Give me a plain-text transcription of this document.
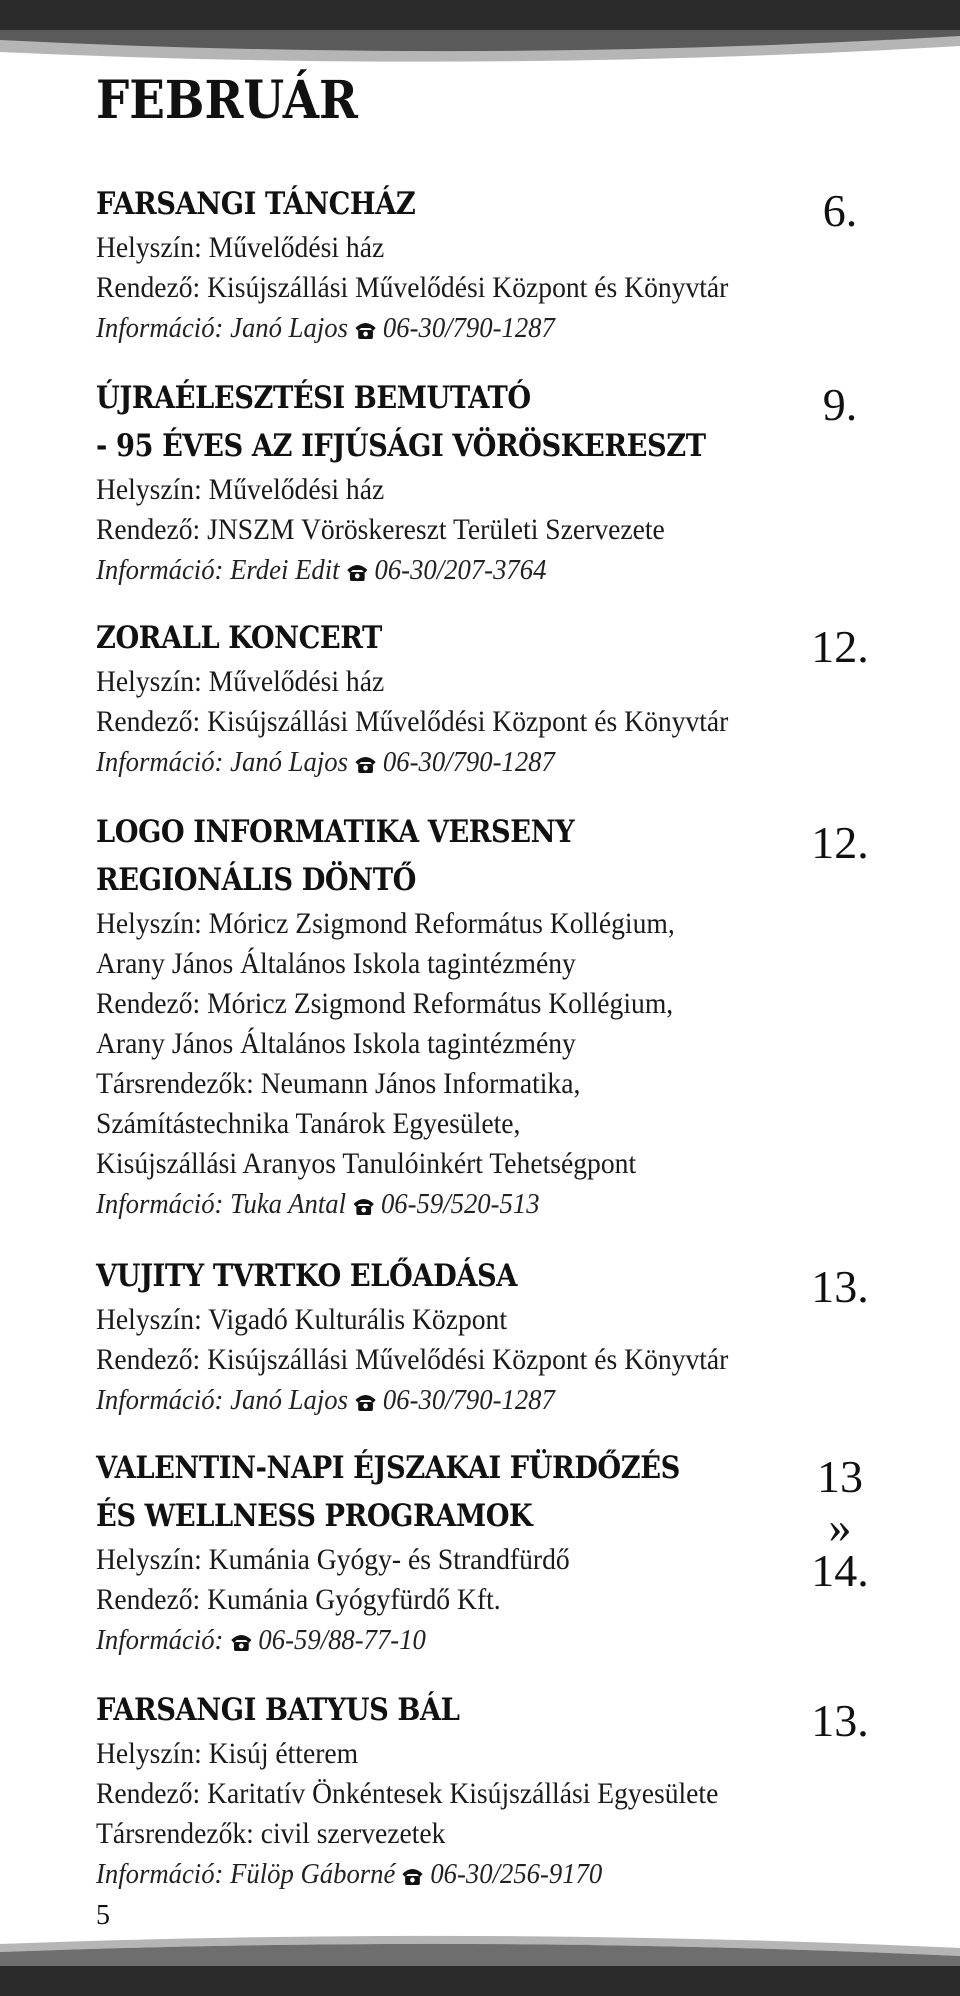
FEBRUÁR

FARSANGI TÁNCHÁZ

Helyszín: Művelődési ház

Rendező: Kisújszállási Művelődési Központ és Könyvtár

Információ: Janó Lajos 06-30/790-1287

6.

ÚJRAÉLESZTÉSI BEMUTATÓ

- 95 ÉVES AZ IFJÚSÁGI VÖRÖSKERESZT

Helyszín: Művelődési ház

Rendező: JNSZM Vöröskereszt Területi Szervezete

Információ: Erdei Edit 06-30/207-3764

9.

ZORALL KONCERT

Helyszín: Művelődési ház

Rendező: Kisújszállási Művelődési Központ és Könyvtár

Információ: Janó Lajos 06-30/790-1287

12.

LOGO INFORMATIKA VERSENY

REGIONÁLIS DÖNTŐ

Helyszín: Móricz Zsigmond Református Kollégium,

Arany János Általános Iskola tagintézmény

Rendező: Móricz Zsigmond Református Kollégium,

Arany János Általános Iskola tagintézmény

Társrendezők: Neumann János Informatika,

Számítástechnika Tanárok Egyesülete,

Kisújszállási Aranyos Tanulóinkért Tehetségpont

Információ: Tuka Antal 06-59/520-513

12.

VUJITY TVRTKO ELŐADÁSA

Helyszín: Vigadó Kulturális Központ

Rendező: Kisújszállási Művelődési Központ és Könyvtár

Információ: Janó Lajos 06-30/790-1287

13.

VALENTIN-NAPI ÉJSZAKAI FÜRDŐZÉS

ÉS WELLNESS PROGRAMOK

Helyszín: Kumánia Gyógy- és Strandfürdő

Rendező: Kumánia Gyógyfürdő Kft.

Információ: 06-59/88-77-10

13

»

14.

FARSANGI BATYUS BÁL

Helyszín: Kisúj étterem

Rendező: Karitatív Önkéntesek Kisújszállási Egyesülete

Társrendezők: civil szervezetek

Információ: Fülöp Gáborné 06-30/256-9170

13.

5
